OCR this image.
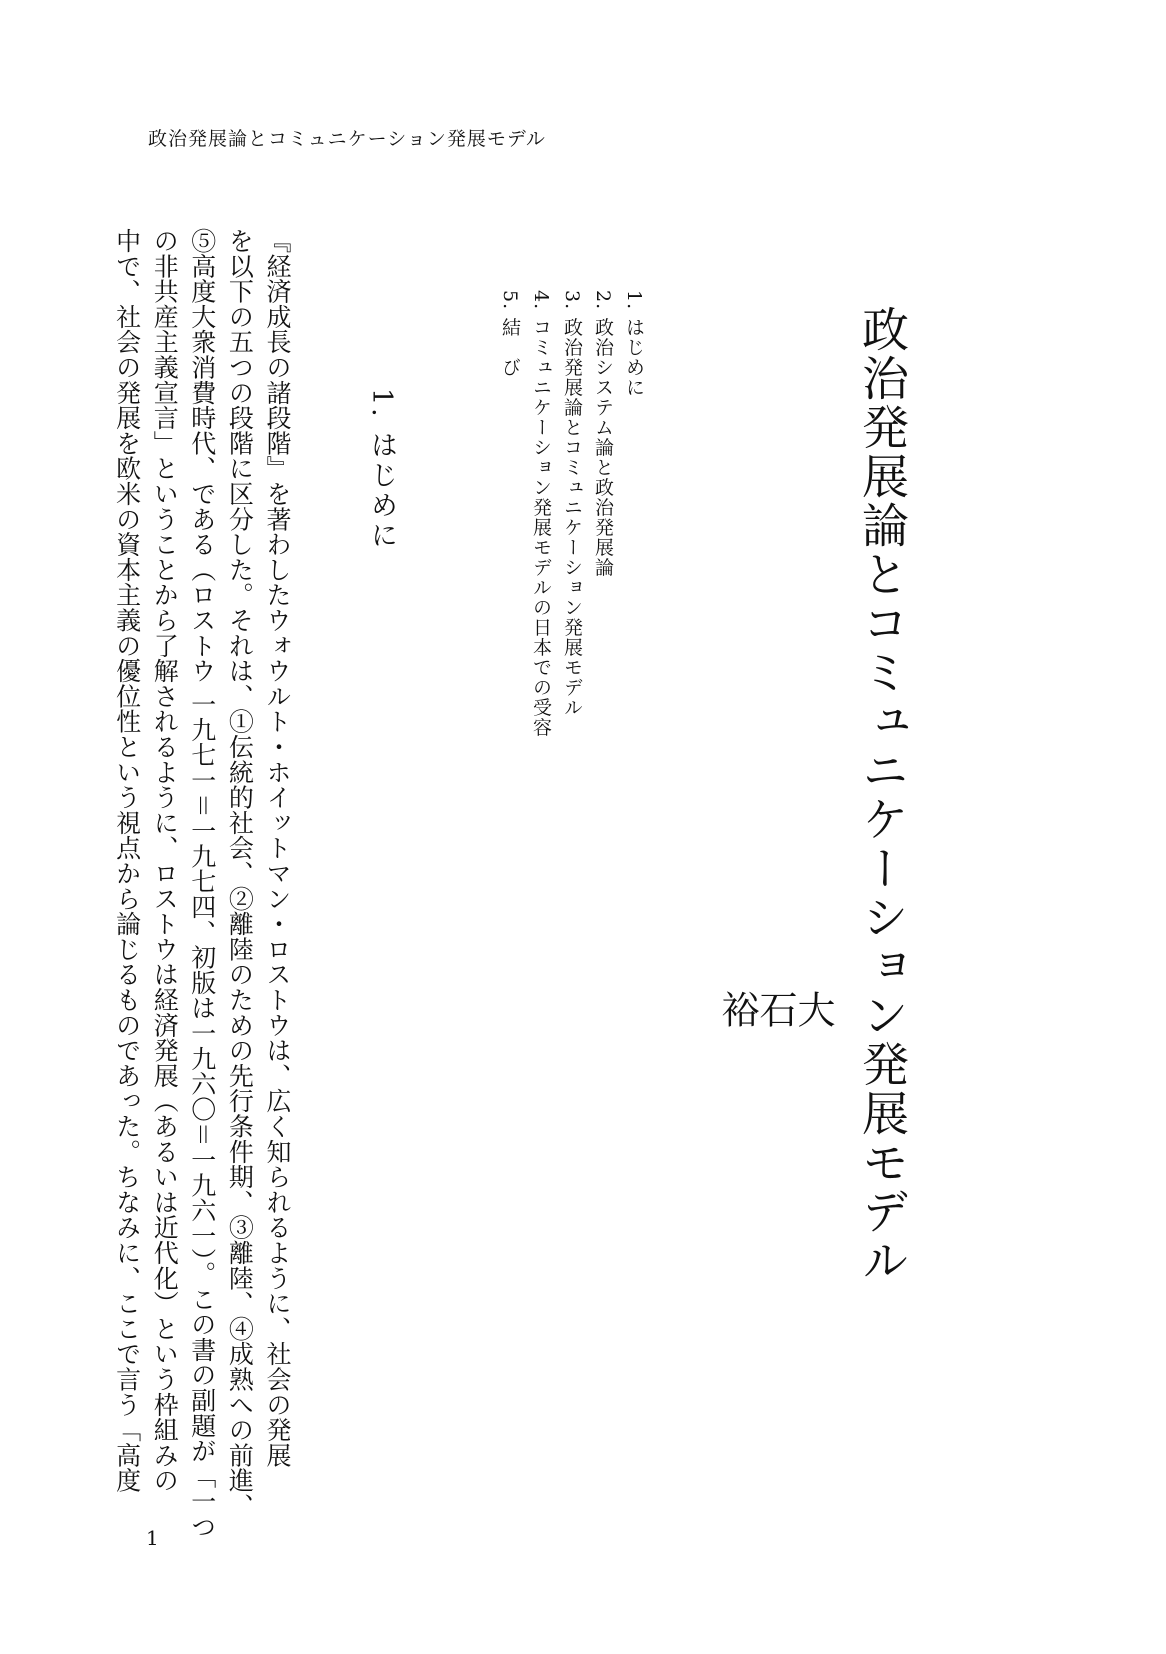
政治発展論とコミュニケーション発展モデル
政治発展論とコミュニケーション発展モデル
大
石
裕
1. はじめに
2. 政治システム論と政治発展論
3. 政治発展論とコミュニケーション発展モデル
4. コミュニケーション発展モデルの日本での受容
5. 結　び
1. はじめに
『経済成長の諸段階』を著わしたウォウルト・ホイットマン・ロストウは、広く知られるように、社会の発展
を以下の五つの段階に区分した。それは、①伝統的社会、②離陸のための先行条件期、③離陸、④成熟への前進、
⑤高度大衆消費時代、である（ロストウ 一九七一＝一九七四、初版は一九六〇＝一九六一）。この書の副題が「一つ
の非共産主義宣言」ということから了解されるように、ロストウは経済発展（あるいは近代化）という枠組みの
中で、社会の発展を欧米の資本主義の優位性という視点から論じるものであった。ちなみに、ここで言う「高度
1
